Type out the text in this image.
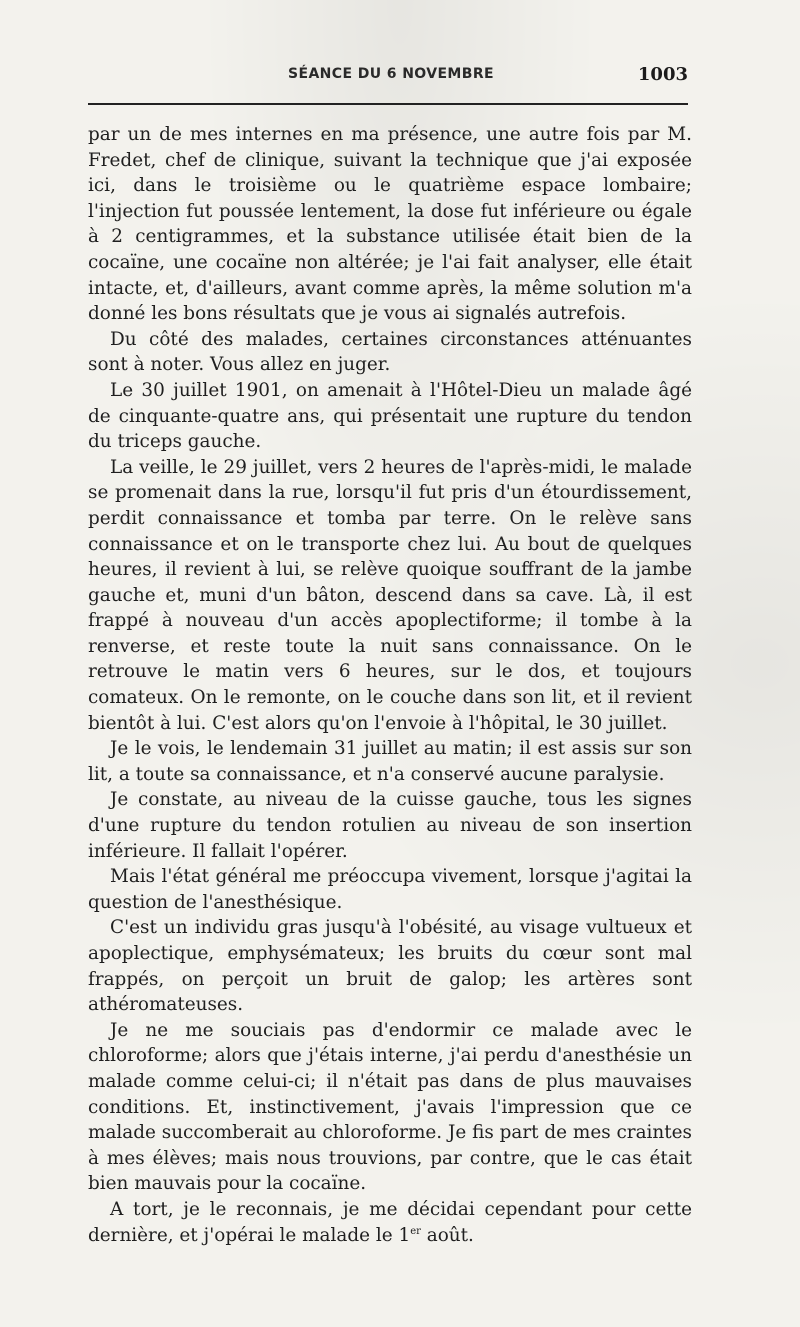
SÉANCE DU 6 NOVEMBRE	1003

par un de mes internes en ma présence, une autre fois par M. Fredet, chef de clinique, suivant la technique que j'ai exposée ici, dans le troisième ou le quatrième espace lombaire; l'injection fut poussée lentement, la dose fut inférieure ou égale à 2 centigrammes, et la substance utilisée était bien de la cocaïne, une cocaïne non altérée; je l'ai fait analyser, elle était intacte, et, d'ailleurs, avant comme après, la même solution m'a donné les bons résultats que je vous ai signalés autrefois.

Du côté des malades, certaines circonstances atténuantes sont à noter. Vous allez en juger.

Le 30 juillet 1901, on amenait à l'Hôtel-Dieu un malade âgé de cinquante-quatre ans, qui présentait une rupture du tendon du triceps gauche.

La veille, le 29 juillet, vers 2 heures de l'après-midi, le malade se promenait dans la rue, lorsqu'il fut pris d'un étourdissement, perdit connaissance et tomba par terre. On le relève sans connaissance et on le transporte chez lui. Au bout de quelques heures, il revient à lui, se relève quoique souffrant de la jambe gauche et, muni d'un bâton, descend dans sa cave. Là, il est frappé à nouveau d'un accès apoplectiforme; il tombe à la renverse, et reste toute la nuit sans connaissance. On le retrouve le matin vers 6 heures, sur le dos, et toujours comateux. On le remonte, on le couche dans son lit, et il revient bientôt à lui. C'est alors qu'on l'envoie à l'hôpital, le 30 juillet.

Je le vois, le lendemain 31 juillet au matin; il est assis sur son lit, a toute sa connaissance, et n'a conservé aucune paralysie.

Je constate, au niveau de la cuisse gauche, tous les signes d'une rupture du tendon rotulien au niveau de son insertion inférieure. Il fallait l'opérer.

Mais l'état général me préoccupa vivement, lorsque j'agitai la question de l'anesthésique.

C'est un individu gras jusqu'à l'obésité, au visage vultueux et apoplectique, emphysémateux; les bruits du cœur sont mal frappés, on perçoit un bruit de galop; les artères sont athéromateuses.

Je ne me souciais pas d'endormir ce malade avec le chloroforme; alors que j'étais interne, j'ai perdu d'anesthésie un malade comme celui-ci; il n'était pas dans de plus mauvaises conditions. Et, instinctivement, j'avais l'impression que ce malade succomberait au chloroforme. Je fis part de mes craintes à mes élèves; mais nous trouvions, par contre, que le cas était bien mauvais pour la cocaïne.

A tort, je le reconnais, je me décidai cependant pour cette dernière, et j'opérai le malade le 1er août.
